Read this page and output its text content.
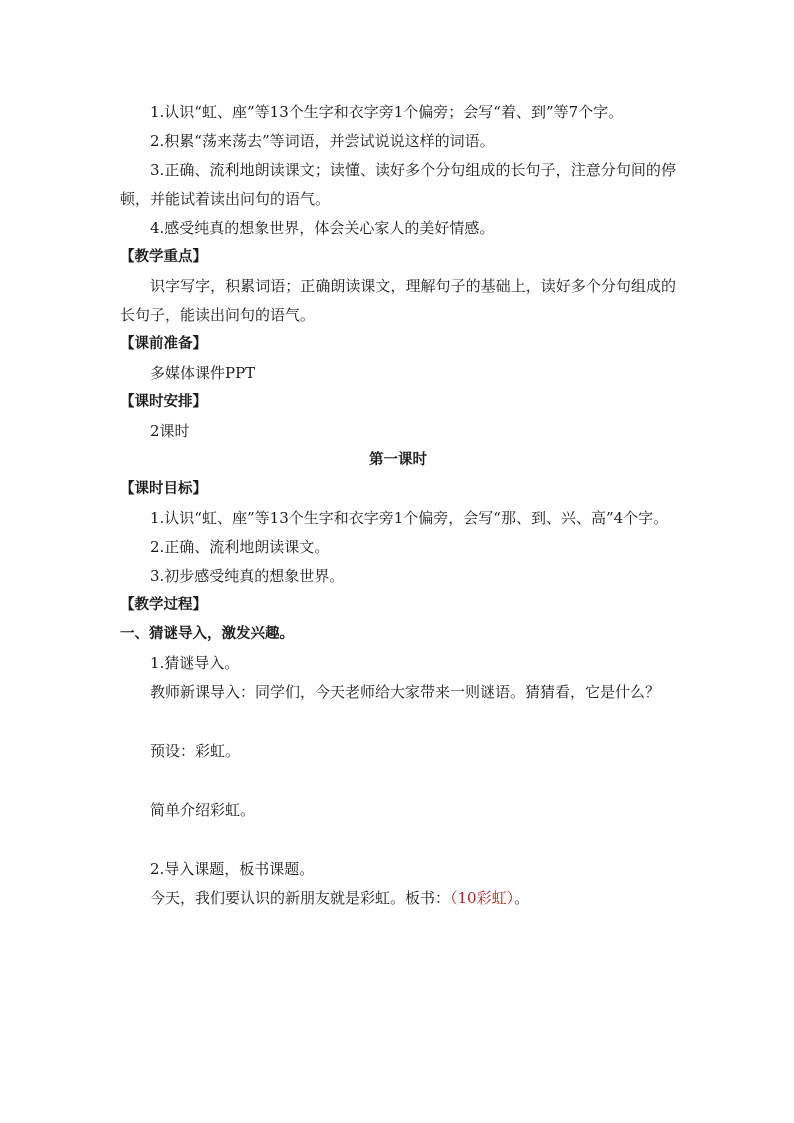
1.认识“虹、座”等13个生字和衣字旁1个偏旁；会写“着、到”等7个字。

2.积累“荡来荡去”等词语，并尝试说说这样的词语。

3.正确、流利地朗读课文；读懂、读好多个分句组成的长句子，注意分句间的停顿，并能试着读出问句的语气。

4.感受纯真的想象世界，体会关心家人的美好情感。

【教学重点】

识字写字，积累词语；正确朗读课文，理解句子的基础上，读好多个分句组成的长句子，能读出问句的语气。

【课前准备】

多媒体课件PPT

【课时安排】

2课时

第一课时

【课时目标】

1.认识“虹、座”等13个生字和衣字旁1个偏旁，会写“那、到、兴、高”4个字。

2.正确、流利地朗读课文。

3.初步感受纯真的想象世界。

【教学过程】

一、猜谜导入，激发兴趣。

1.猜谜导入。

教师新课导入：同学们，今天老师给大家带来一则谜语。猜猜看，它是什么？

预设：彩虹。

简单介绍彩虹。

2.导入课题，板书课题。

今天，我们要认识的新朋友就是彩虹。板书：（10彩虹）。
